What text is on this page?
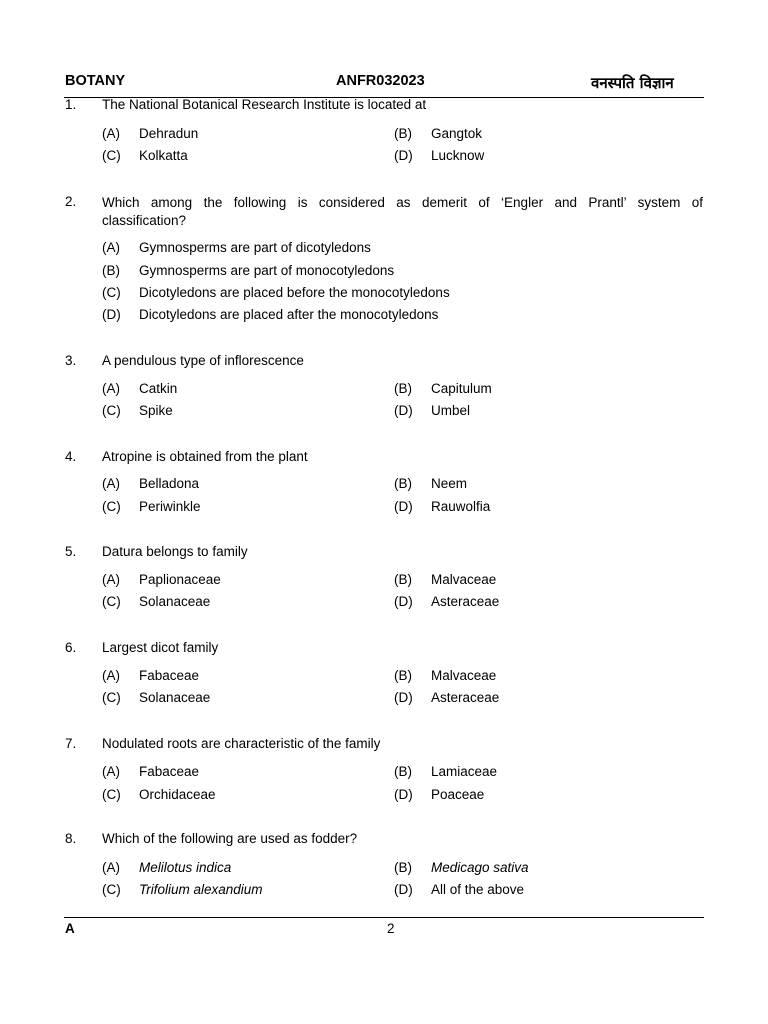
BOTANY	ANFR032023	वनस्पति विज्ञान
1. The National Botanical Research Institute is located at
(A) Dehradun	(B) Gangtok
(C) Kolkatta	(D) Lucknow
2. Which among the following is considered as demerit of ‘Engler and Prantl’ system of
classification?
(A) Gymnosperms are part of dicotyledons
(B) Gymnosperms are part of monocotyledons
(C) Dicotyledons are placed before the monocotyledons
(D) Dicotyledons are placed after the monocotyledons
3. A pendulous type of inflorescence
(A) Catkin	(B) Capitulum
(C) Spike	(D) Umbel
4. Atropine is obtained from the plant
(A) Belladona	(B) Neem
(C) Periwinkle	(D) Rauwolfia
5. Datura belongs to family
(A) Paplionaceae	(B) Malvaceae
(C) Solanaceae	(D) Asteraceae
6. Largest dicot family
(A) Fabaceae	(B) Malvaceae
(C) Solanaceae	(D) Asteraceae
7. Nodulated roots are characteristic of the family
(A) Fabaceae	(B) Lamiaceae
(C) Orchidaceae	(D) Poaceae
8. Which of the following are used as fodder?
(A) Melilotus indica	(B) Medicago sativa
(C) Trifolium alexandium	(D) All of the above
A	2
